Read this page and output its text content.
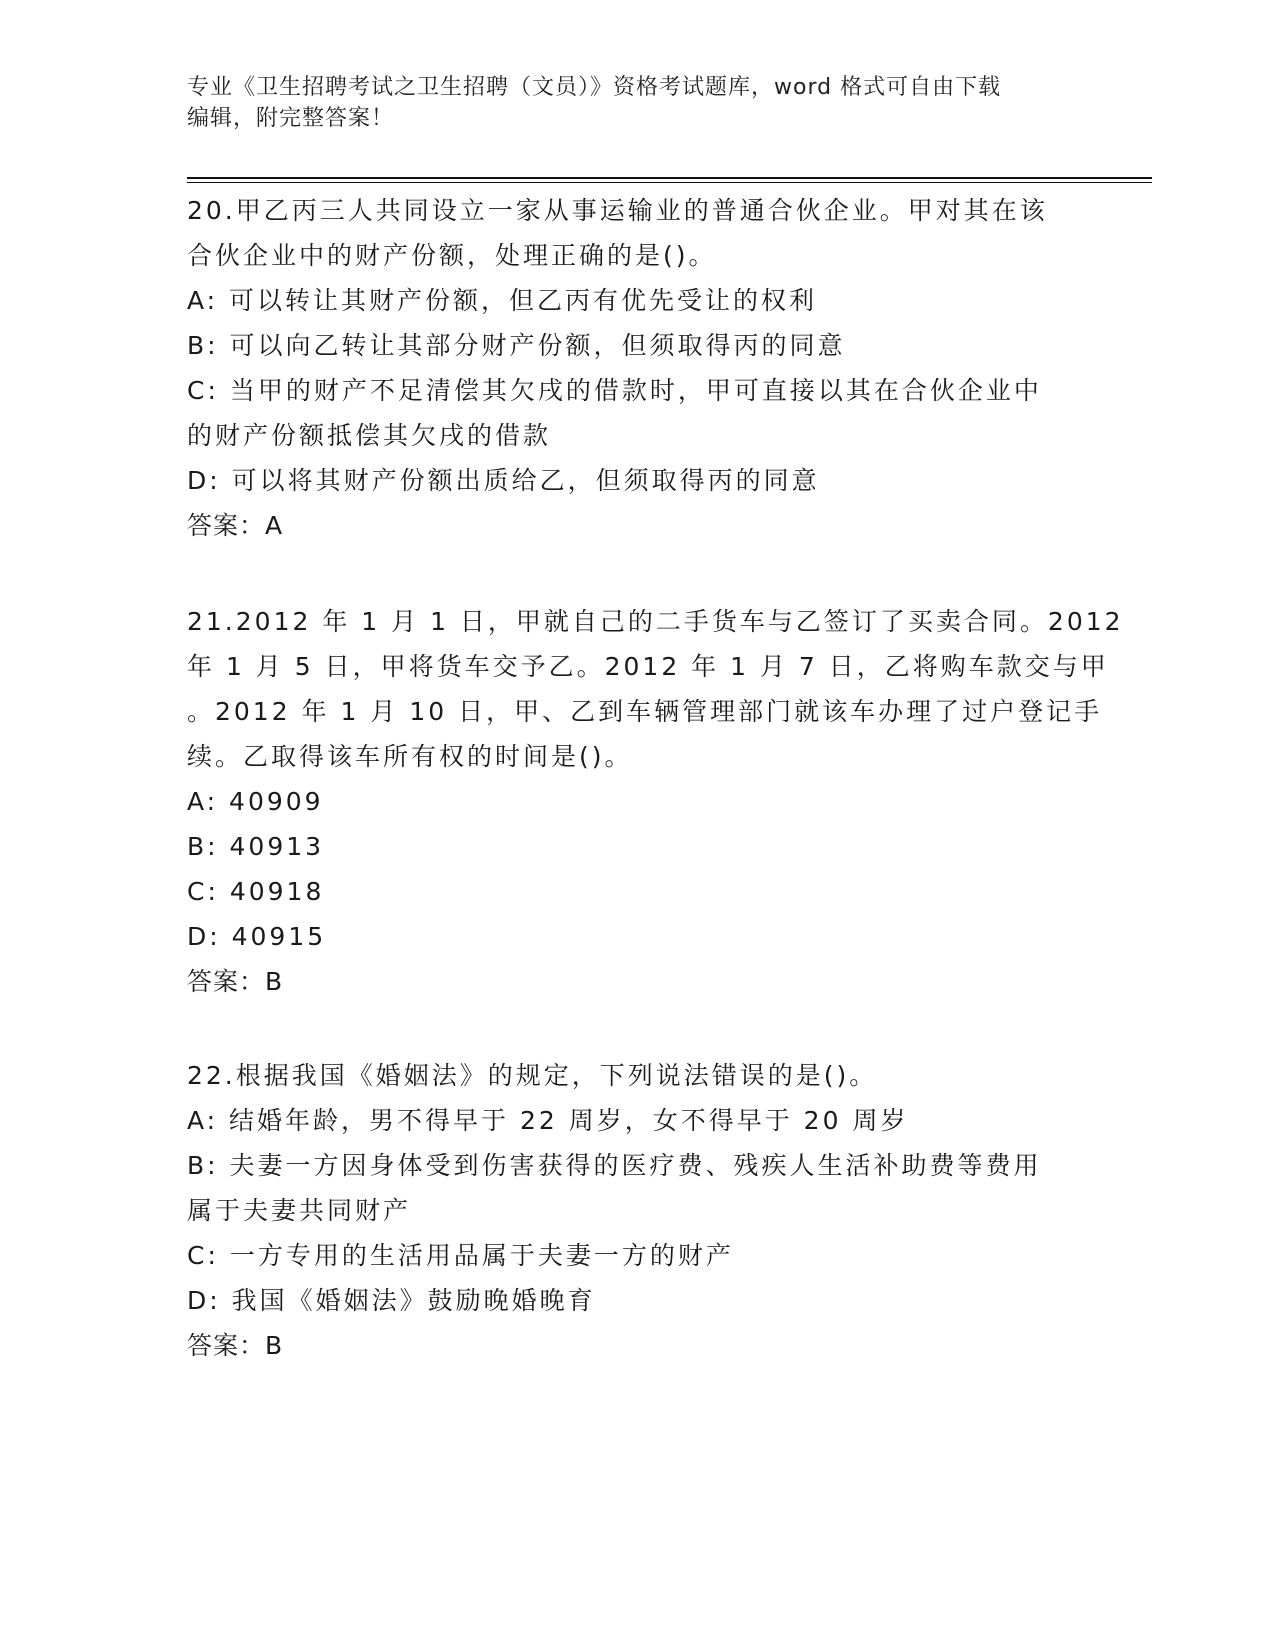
专业《卫生招聘考试之卫生招聘（文员）》资格考试题库，word 格式可自由下载
编辑，附完整答案！
20.甲乙丙三人共同设立一家从事运输业的普通合伙企业。甲对其在该
合伙企业中的财产份额，处理正确的是()。
A: 可以转让其财产份额，但乙丙有优先受让的权利
B: 可以向乙转让其部分财产份额，但须取得丙的同意
C: 当甲的财产不足清偿其欠戌的借款时，甲可直接以其在合伙企业中
的财产份额抵偿其欠戌的借款
D: 可以将其财产份额出质给乙，但须取得丙的同意
答案：A
21.2012 年 1 月 1 日，甲就自己的二手货车与乙签订了买卖合同。2012
年 1 月 5 日，甲将货车交予乙。2012 年 1 月 7 日，乙将购车款交与甲
。2012 年 1 月 10 日，甲、乙到车辆管理部门就该车办理了过户登记手
续。乙取得该车所有权的时间是()。
A: 40909
B: 40913
C: 40918
D: 40915
答案：B
22.根据我国《婚姻法》的规定，下列说法错误的是()。
A: 结婚年龄，男不得早于 22 周岁，女不得早于 20 周岁
B: 夫妻一方因身体受到伤害获得的医疗费、残疾人生活补助费等费用
属于夫妻共同财产
C: 一方专用的生活用品属于夫妻一方的财产
D: 我国《婚姻法》鼓励晚婚晚育
答案：B
